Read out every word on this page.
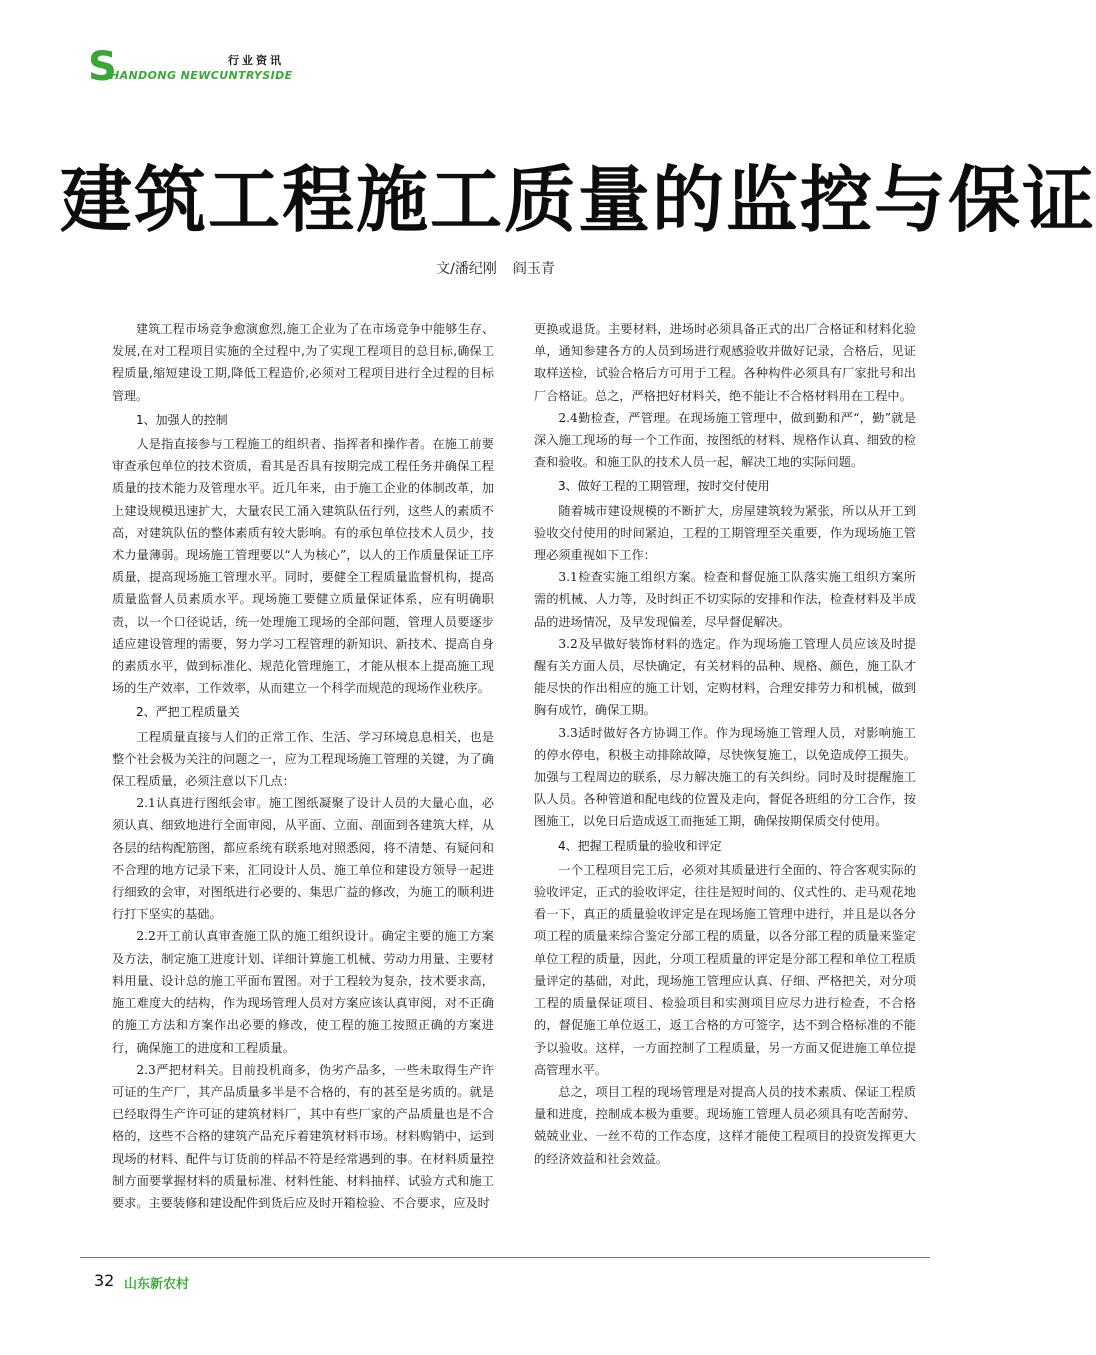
S
HANDONG NEWCUNTRYSIDE
行业资讯
建筑工程施工质量的监控与保证
文/潘纪刚 阎玉青

建筑工程市场竞争愈演愈烈,施工企业为了在市场竞争中能够生存、发展,在对工程项目实施的全过程中,为了实现工程项目的总目标,确保工程质量,缩短建设工期,降低工程造价,必须对工程项目进行全过程的目标管理。

1、加强人的控制

人是指直接参与工程施工的组织者、指挥者和操作者。在施工前要审查承包单位的技术资质，看其是否具有按期完成工程任务并确保工程质量的技术能力及管理水平。近几年来，由于施工企业的体制改革，加上建设规模迅速扩大，大量农民工涌入建筑队伍行列，这些人的素质不高，对建筑队伍的整体素质有较大影响。有的承包单位技术人员少，技术力量薄弱。现场施工管理要以“人为核心”，以人的工作质量保证工序质量，提高现场施工管理水平。同时，要健全工程质量监督机构，提高质量监督人员素质水平。现场施工要健立质量保证体系，应有明确职责，以一个口径说话，统一处理施工现场的全部问题，管理人员要逐步适应建设管理的需要，努力学习工程管理的新知识、新技术、提高自身的素质水平，做到标准化、规范化管理施工，才能从根本上提高施工现场的生产效率，工作效率，从而建立一个科学而规范的现场作业秩序。

2、严把工程质量关

工程质量直接与人们的正常工作、生活、学习环境息息相关，也是整个社会极为关注的问题之一，应为工程现场施工管理的关键，为了确保工程质量，必须注意以下几点：

2.1认真进行图纸会审。施工图纸凝聚了设计人员的大量心血，必须认真、细致地进行全面审阅，从平面、立面、剖面到各建筑大样，从各层的结构配筋图，都应系统有联系地对照悉阅，将不清楚、有疑问和不合理的地方记录下来，汇同设计人员、施工单位和建设方领导一起进行细致的会审，对图纸进行必要的、集思广益的修改，为施工的顺利进行打下坚实的基础。

2.2开工前认真审查施工队的施工组织设计。确定主要的施工方案及方法，制定施工进度计划、详细计算施工机械、劳动力用量、主要材料用量、设计总的施工平面布置图。对于工程较为复杂，技术要求高，施工难度大的结构，作为现场管理人员对方案应该认真审阅，对不正确的施工方法和方案作出必要的修改，使工程的施工按照正确的方案进行，确保施工的进度和工程质量。

2.3严把材料关。目前投机商多，伪劣产品多，一些未取得生产许可证的生产厂，其产品质量多半是不合格的，有的甚至是劣质的。就是已经取得生产许可证的建筑材料厂，其中有些厂家的产品质量也是不合格的，这些不合格的建筑产品充斥着建筑材料市场。材料购销中，运到现场的材料、配件与订货前的样品不符是经常遇到的事。在材料质量控制方面要掌握材料的质量标准、材料性能、材料抽样、试验方式和施工要求。主要装修和建设配件到货后应及时开箱检验、不合要求，应及时

更换或退货。主要材料，进场时必须具备正式的出厂合格证和材料化验单，通知参建各方的人员到场进行观感验收并做好记录，合格后，见证取样送检，试验合格后方可用于工程。各种构件必须具有厂家批号和出厂合格证。总之，严格把好材料关，绝不能让不合格材料用在工程中。

2.4勤检查，严管理。在现场施工管理中，做到勤和严“，勤”就是深入施工现场的每一个工作面，按图纸的材料、规格作认真、细致的检查和验收。和施工队的技术人员一起，解决工地的实际问题。

3、做好工程的工期管理，按时交付使用

随着城市建设规模的不断扩大，房屋建筑较为紧张，所以从开工到验收交付使用的时间紧迫，工程的工期管理至关重要，作为现场施工管理必须重视如下工作：

3.1检查实施工组织方案。检查和督促施工队落实施工组织方案所需的机械、人力等，及时纠正不切实际的安排和作法，检查材料及半成品的进场情况，及早发现偏差，尽早督促解决。

3.2及早做好装饰材料的选定。作为现场施工管理人员应该及时提醒有关方面人员，尽快确定，有关材料的品种、规格、颜色，施工队才能尽快的作出相应的施工计划，定购材料，合理安排劳力和机械，做到胸有成竹，确保工期。

3.3适时做好各方协调工作。作为现场施工管理人员，对影响施工的停水停电，积极主动排除故障，尽快恢复施工，以免造成停工损失。加强与工程周边的联系，尽力解决施工的有关纠纷。同时及时提醒施工队人员。各种管道和配电线的位置及走向，督促各班组的分工合作，按图施工，以免日后造成返工而拖延工期，确保按期保质交付使用。

4、把握工程质量的验收和评定

一个工程项目完工后，必须对其质量进行全面的、符合客观实际的验收评定，正式的验收评定，往往是短时间的、仪式性的、走马观花地看一下，真正的质量验收评定是在现场施工管理中进行，并且是以各分项工程的质量来综合鉴定分部工程的质量，以各分部工程的质量来鉴定单位工程的质量，因此，分项工程质量的评定是分部工程和单位工程质量评定的基础，对此，现场施工管理应认真、仔细、严格把关，对分项工程的质量保证项目、检验项目和实测项目应尽力进行检查，不合格的，督促施工单位返工，返工合格的方可签字，达不到合格标准的不能予以验收。这样，一方面控制了工程质量，另一方面又促进施工单位提高管理水平。

总之，项目工程的现场管理是对提高人员的技术素质、保证工程质量和进度，控制成本极为重要。现场施工管理人员必须具有吃苦耐劳、兢兢业业、一丝不苟的工作态度，这样才能使工程项目的投资发挥更大的经济效益和社会效益。

32 山东新农村
